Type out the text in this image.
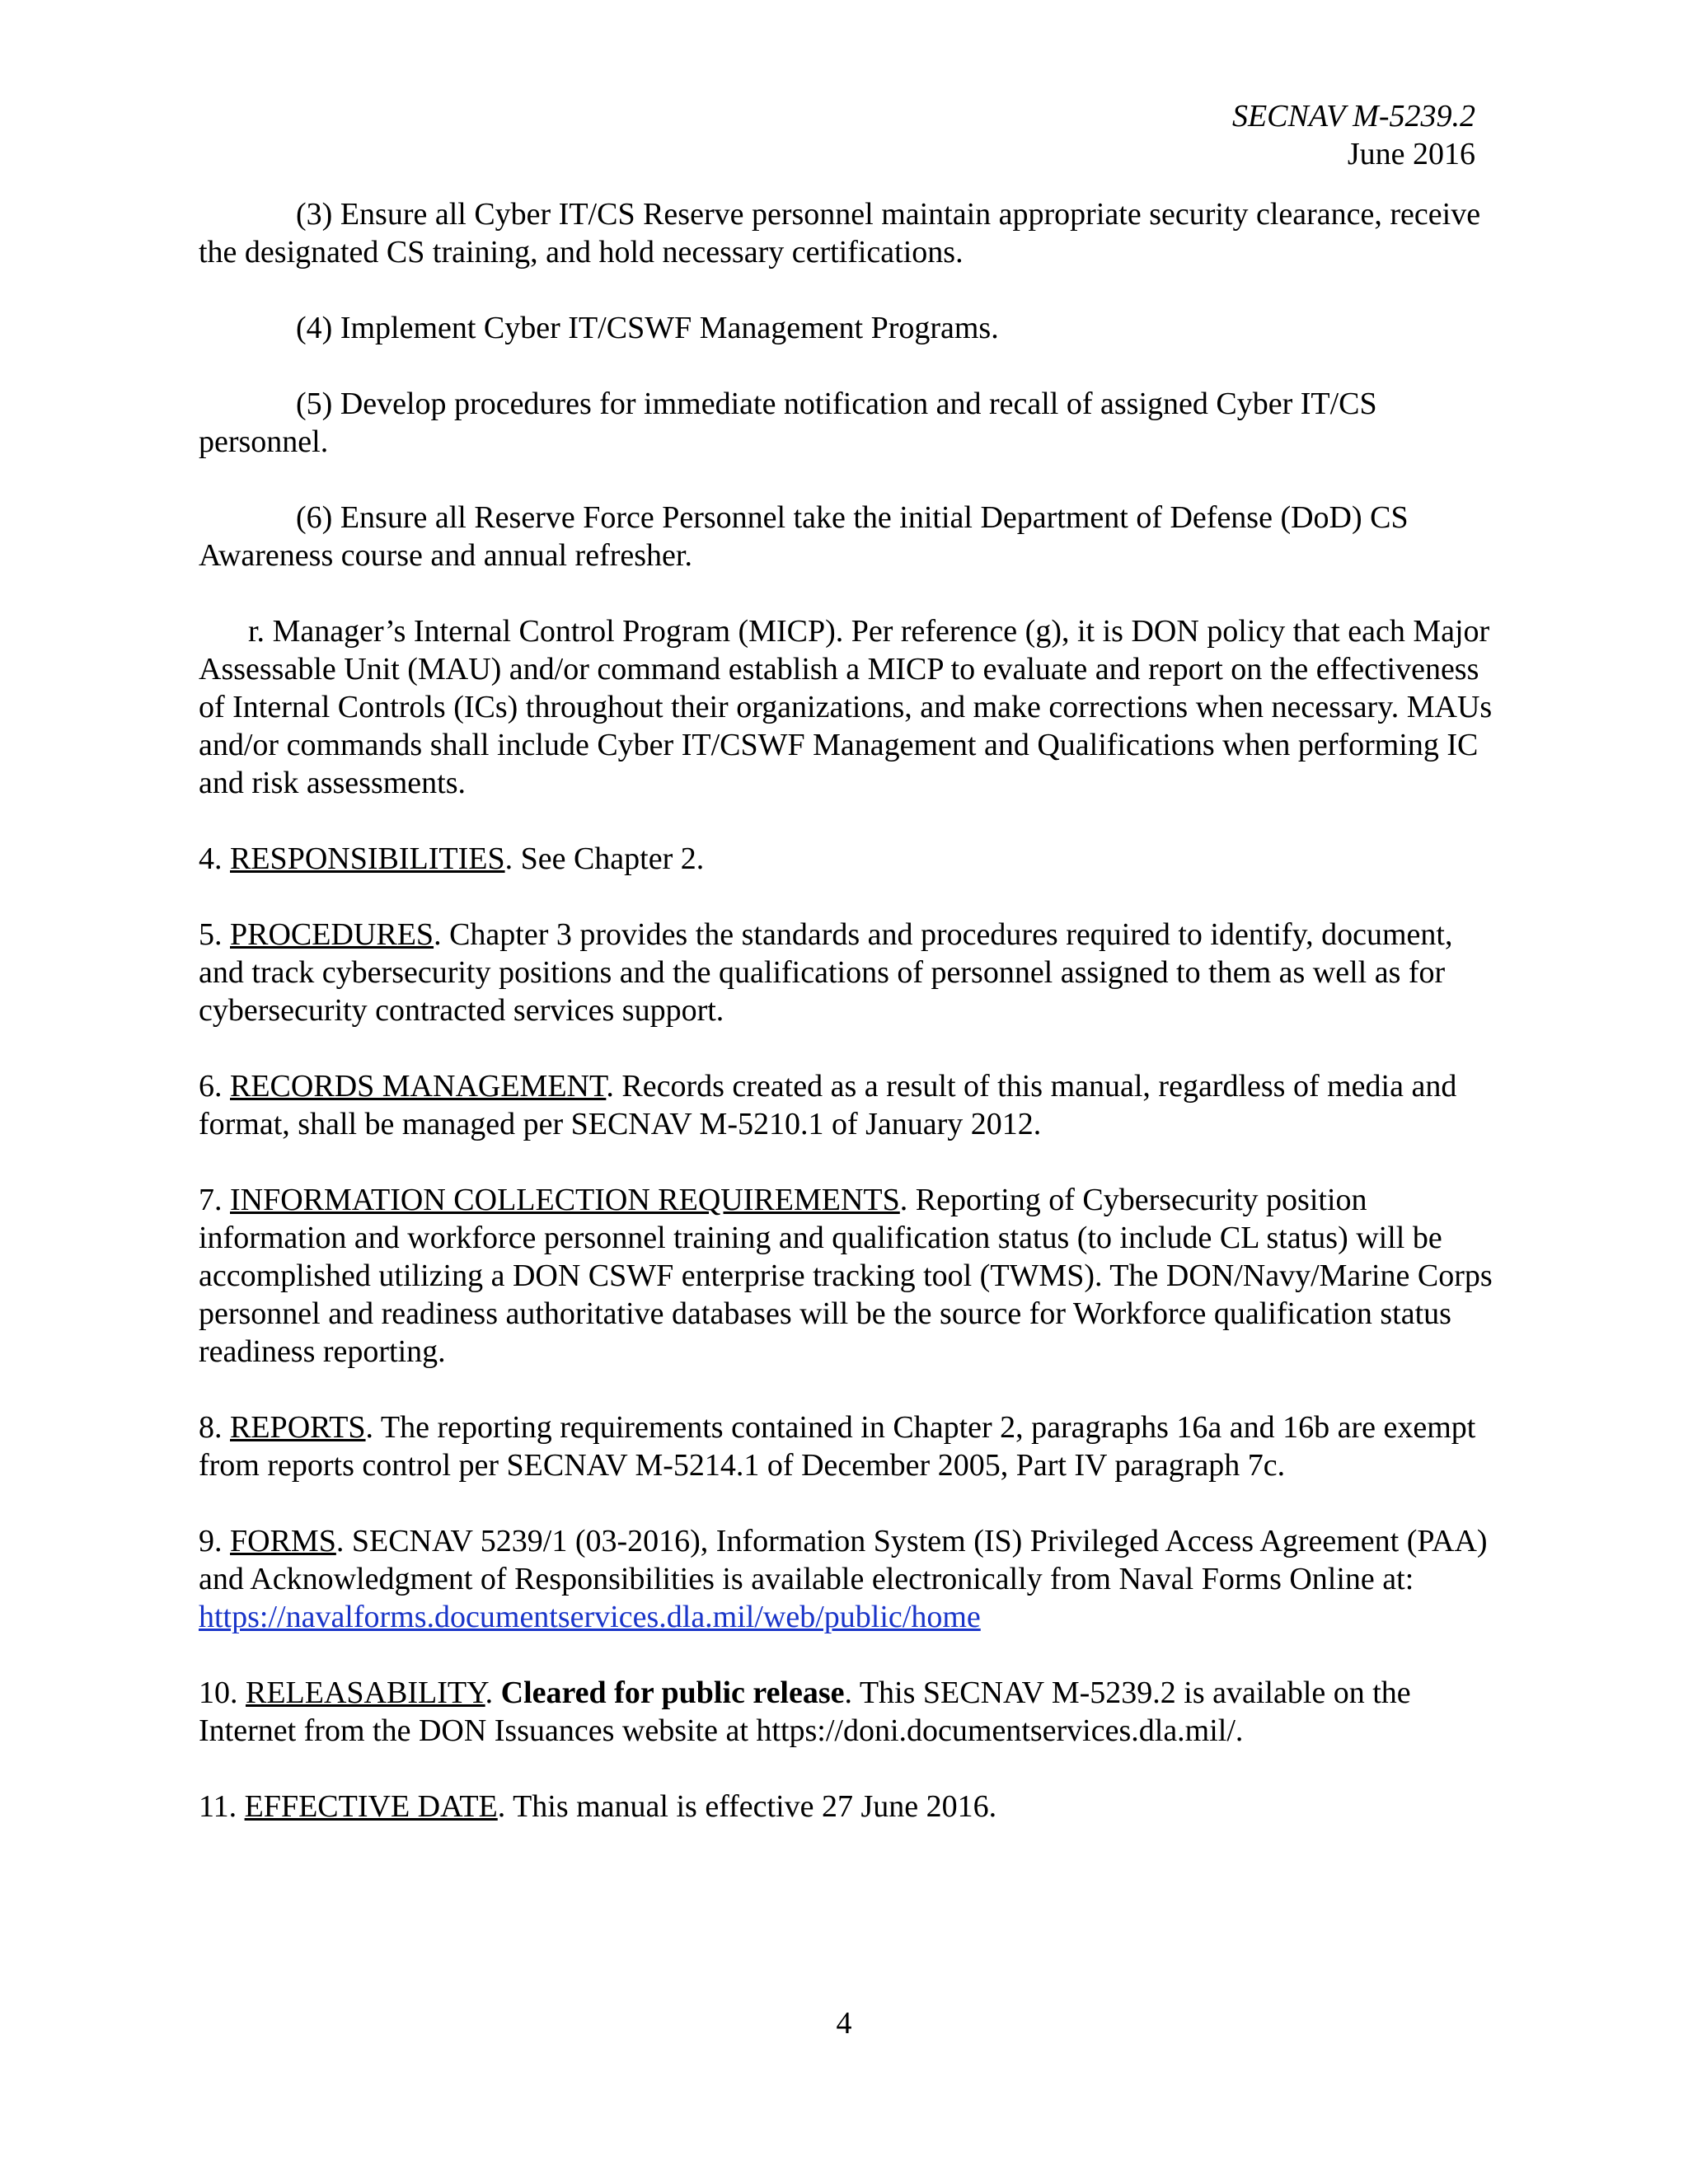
SECNAV M-5239.2
June 2016

(3) Ensure all Cyber IT/CS Reserve personnel maintain appropriate security clearance, receive the designated CS training, and hold necessary certifications.

(4) Implement Cyber IT/CSWF Management Programs.

(5) Develop procedures for immediate notification and recall of assigned Cyber IT/CS personnel.

(6) Ensure all Reserve Force Personnel take the initial Department of Defense (DoD) CS Awareness course and annual refresher.

r. Manager’s Internal Control Program (MICP). Per reference (g), it is DON policy that each Major Assessable Unit (MAU) and/or command establish a MICP to evaluate and report on the effectiveness of Internal Controls (ICs) throughout their organizations, and make corrections when necessary. MAUs and/or commands shall include Cyber IT/CSWF Management and Qualifications when performing IC and risk assessments.

4. RESPONSIBILITIES. See Chapter 2.

5. PROCEDURES. Chapter 3 provides the standards and procedures required to identify, document, and track cybersecurity positions and the qualifications of personnel assigned to them as well as for cybersecurity contracted services support.

6. RECORDS MANAGEMENT. Records created as a result of this manual, regardless of media and format, shall be managed per SECNAV M-5210.1 of January 2012.

7. INFORMATION COLLECTION REQUIREMENTS. Reporting of Cybersecurity position information and workforce personnel training and qualification status (to include CL status) will be accomplished utilizing a DON CSWF enterprise tracking tool (TWMS). The DON/Navy/Marine Corps personnel and readiness authoritative databases will be the source for Workforce qualification status readiness reporting.

8. REPORTS. The reporting requirements contained in Chapter 2, paragraphs 16a and 16b are exempt from reports control per SECNAV M-5214.1 of December 2005, Part IV paragraph 7c.

9. FORMS. SECNAV 5239/1 (03-2016), Information System (IS) Privileged Access Agreement (PAA) and Acknowledgment of Responsibilities is available electronically from Naval Forms Online at: https://navalforms.documentservices.dla.mil/web/public/home

10. RELEASABILITY. Cleared for public release. This SECNAV M-5239.2 is available on the Internet from the DON Issuances website at https://doni.documentservices.dla.mil/.

11. EFFECTIVE DATE. This manual is effective 27 June 2016.

4
